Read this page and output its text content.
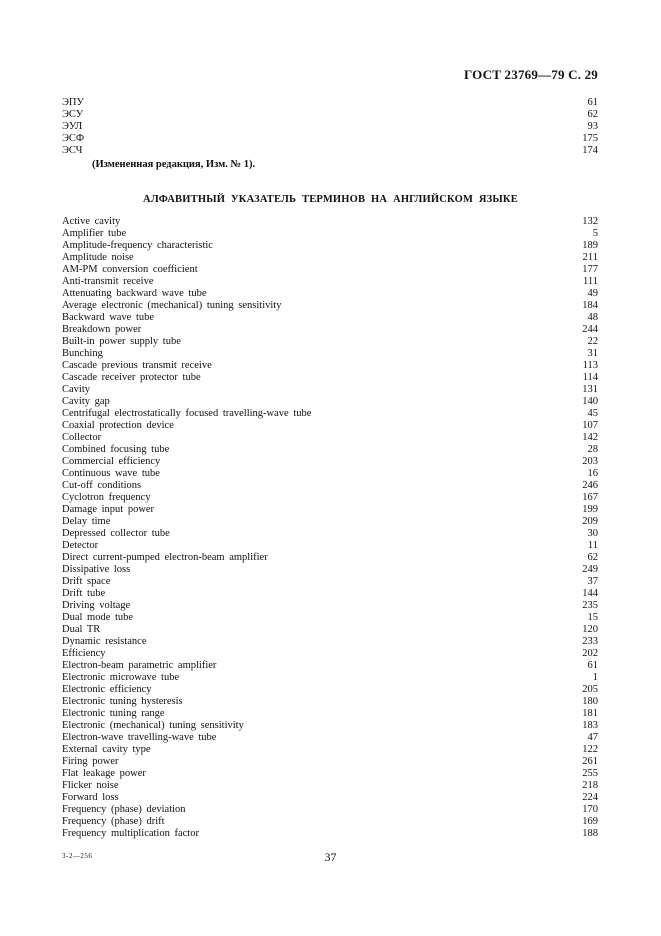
ГОСТ 23769—79 С. 29
ЭПУ	61
ЭСУ	62
ЭУЛ	93
ЭСФ	175
ЭСЧ	174
(Измененная редакция, Изм. № 1).
АЛФАВИТНЫЙ УКАЗАТЕЛЬ ТЕРМИНОВ НА АНГЛИЙСКОМ ЯЗЫКЕ
Active cavity	132
Amplifier tube	5
Amplitude-frequency characteristic	189
Amplitude noise	211
AM-PM conversion coefficient	177
Anti-transmit receive	111
Attenuating backward wave tube	49
Average electronic (mechanical) tuning sensitivity	184
Backward wave tube	48
Breakdown power	244
Built-in power supply tube	22
Bunching	31
Cascade previous transmit receive	113
Cascade receiver protector tube	114
Cavity	131
Cavity gap	140
Centrifugal electrostatically focused travelling-wave tube	45
Coaxial protection device	107
Collector	142
Combined focusing tube	28
Commercial efficiency	203
Continuous wave tube	16
Cut-off conditions	246
Cyclotron frequency	167
Damage input power	199
Delay time	209
Depressed collector tube	30
Detector	11
Direct current-pumped electron-beam amplifier	62
Dissipative loss	249
Drift space	37
Drift tube	144
Driving voltage	235
Dual mode tube	15
Dual TR	120
Dynamic resistance	233
Efficiency	202
Electron-beam parametric amplifier	61
Electronic microwave tube	1
Electronic efficiency	205
Electronic tuning hysteresis	180
Electronic tuning range	181
Electronic (mechanical) tuning sensitivity	183
Electron-wave travelling-wave tube	47
External cavity type	122
Firing power	261
Flat leakage power	255
Flicker noise	218
Forward loss	224
Frequency (phase) deviation	170
Frequency (phase) drift	169
Frequency multiplication factor	188
3-2—256	37
